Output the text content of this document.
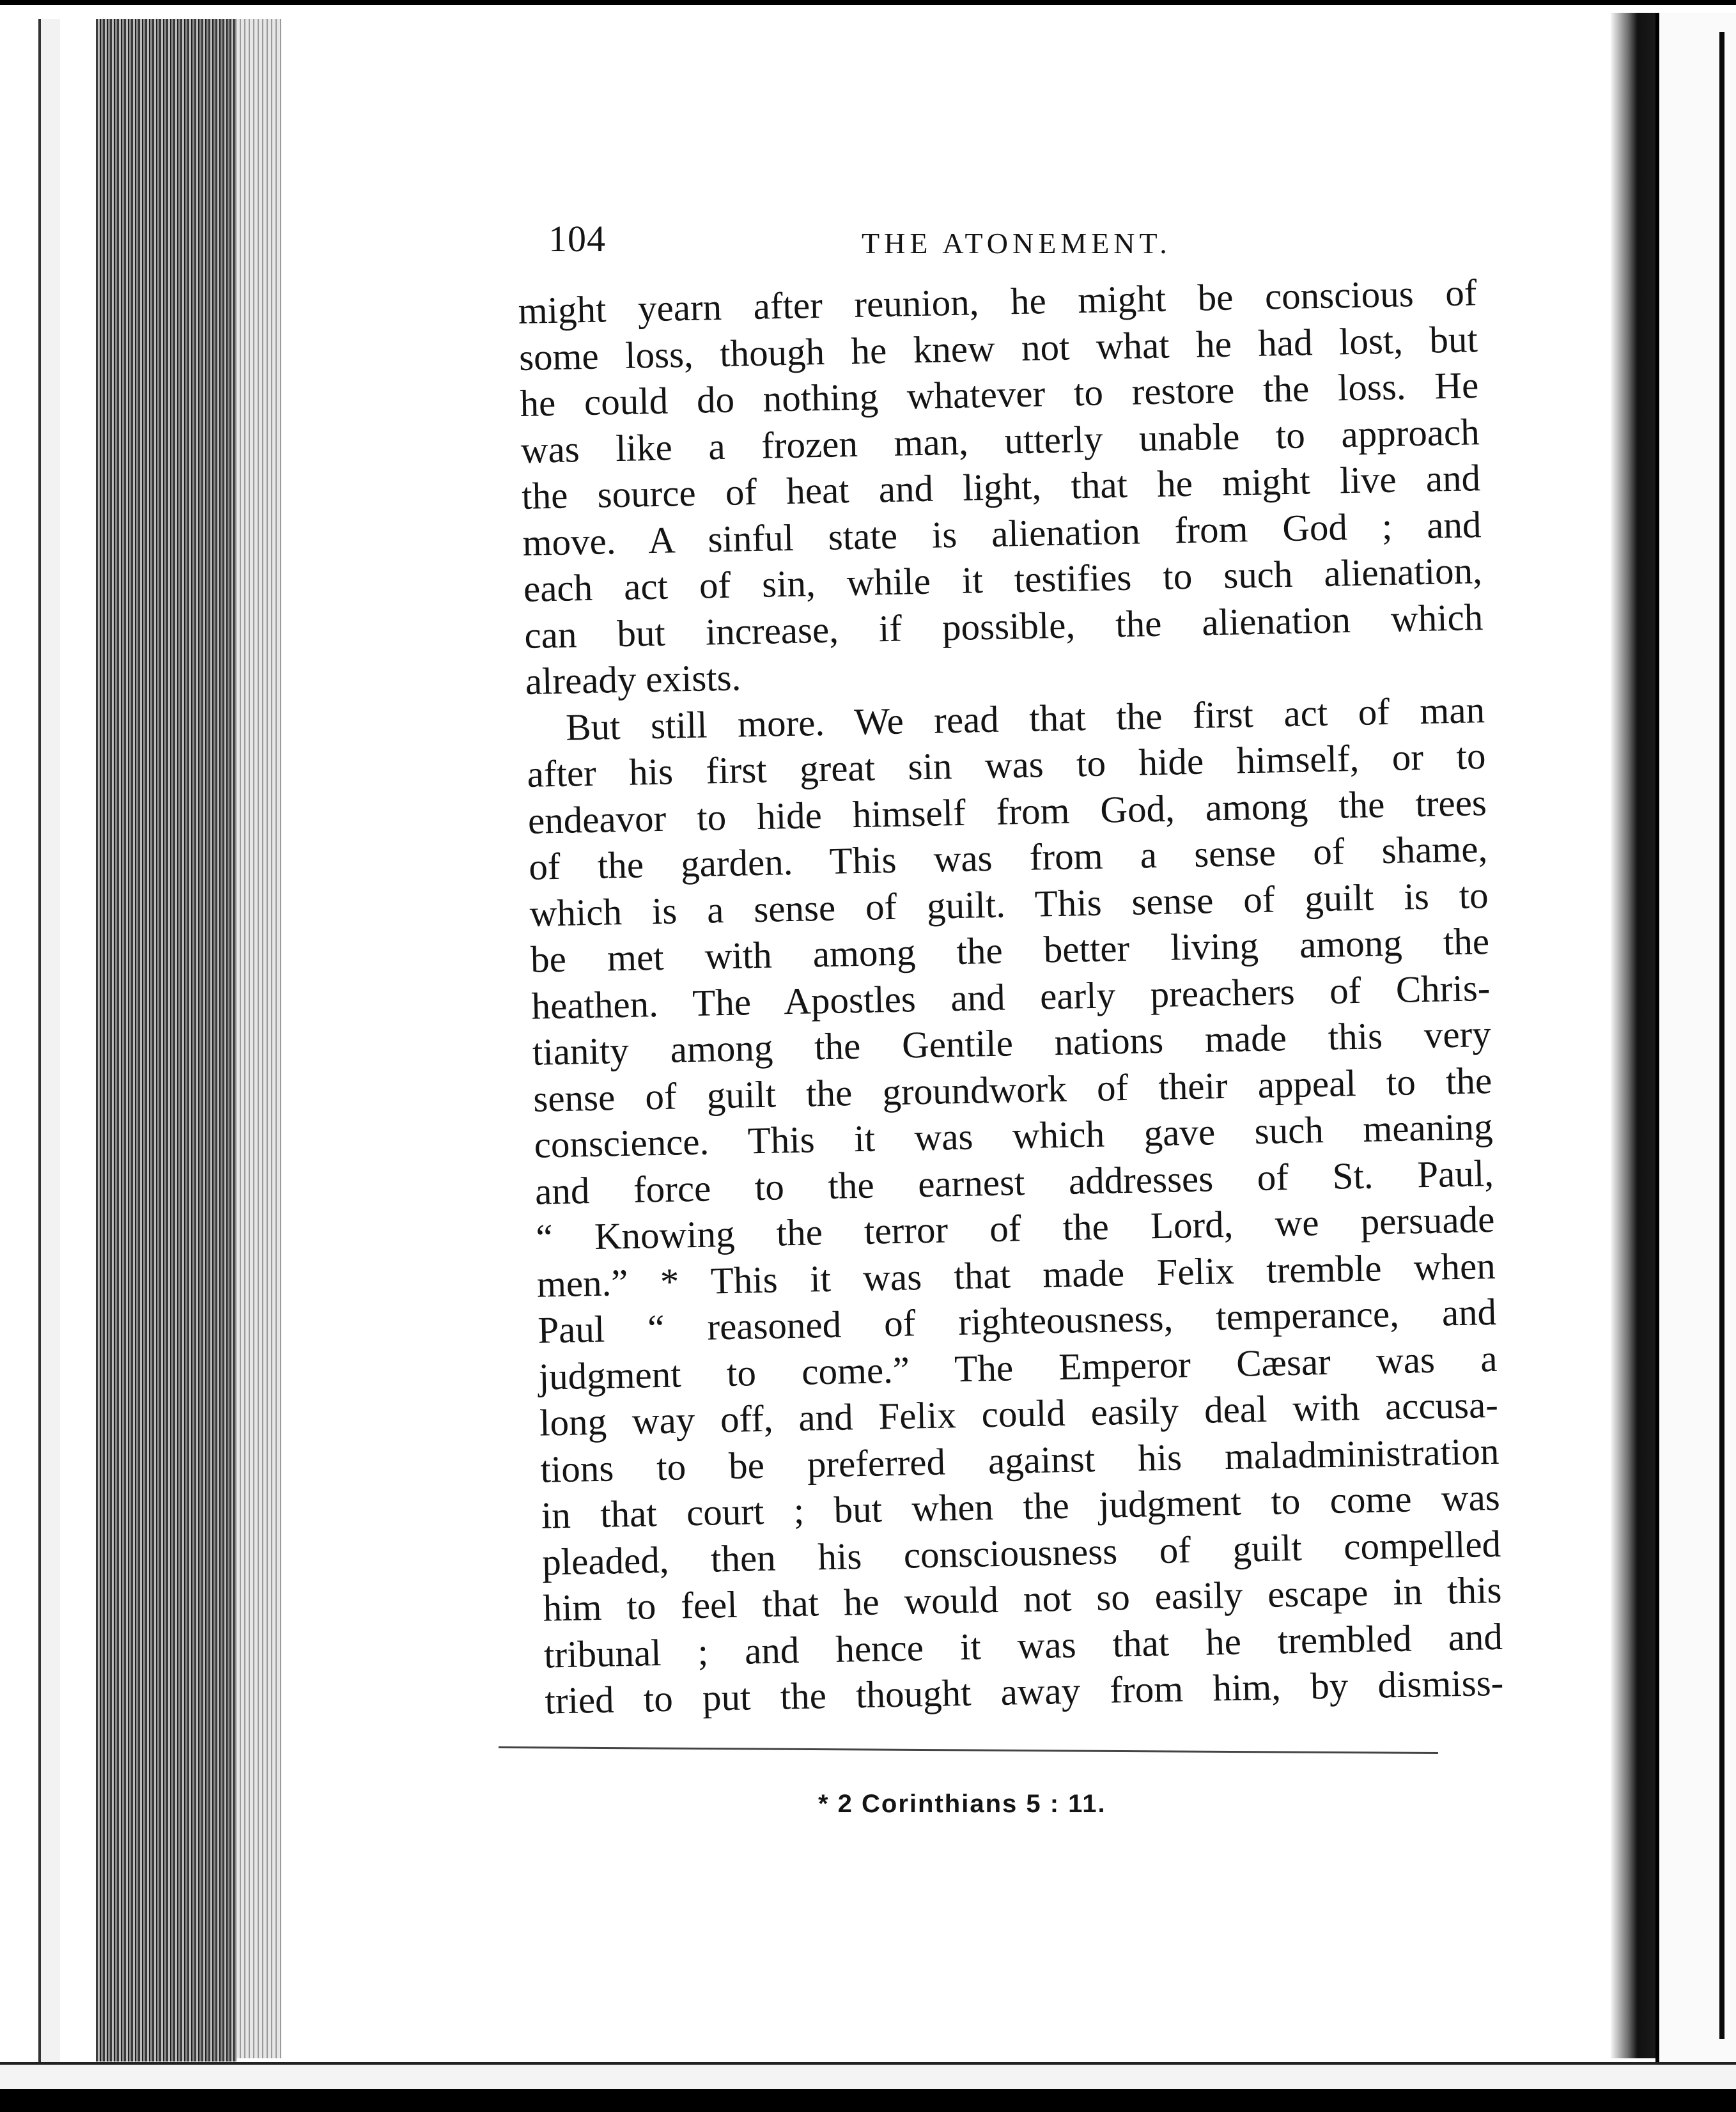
104	THE ATONEMENT.
might yearn after reunion, he might be conscious of
some loss, though he knew not what he had lost, but
he could do nothing whatever to restore the loss. He
was like a frozen man, utterly unable to approach
the source of heat and light, that he might live and
move. A sinful state is alienation from God ; and
each act of sin, while it testifies to such alienation,
can but increase, if possible, the alienation which
already exists.
But still more. We read that the first act of man
after his first great sin was to hide himself, or to
endeavor to hide himself from God, among the trees
of the garden. This was from a sense of shame,
which is a sense of guilt. This sense of guilt is to
be met with among the better living among the
heathen. The Apostles and early preachers of Chris-
tianity among the Gentile nations made this very
sense of guilt the groundwork of their appeal to the
conscience. This it was which gave such meaning
and force to the earnest addresses of St. Paul,
“ Knowing the terror of the Lord, we persuade
men.” * This it was that made Felix tremble when
Paul “ reasoned of righteousness, temperance, and
judgment to come.” The Emperor Cæsar was a
long way off, and Felix could easily deal with accusa-
tions to be preferred against his maladministration
in that court ; but when the judgment to come was
pleaded, then his consciousness of guilt compelled
him to feel that he would not so easily escape in this
tribunal ; and hence it was that he trembled and
tried to put the thought away from him, by dismiss-
* 2 Corinthians 5 : 11.
